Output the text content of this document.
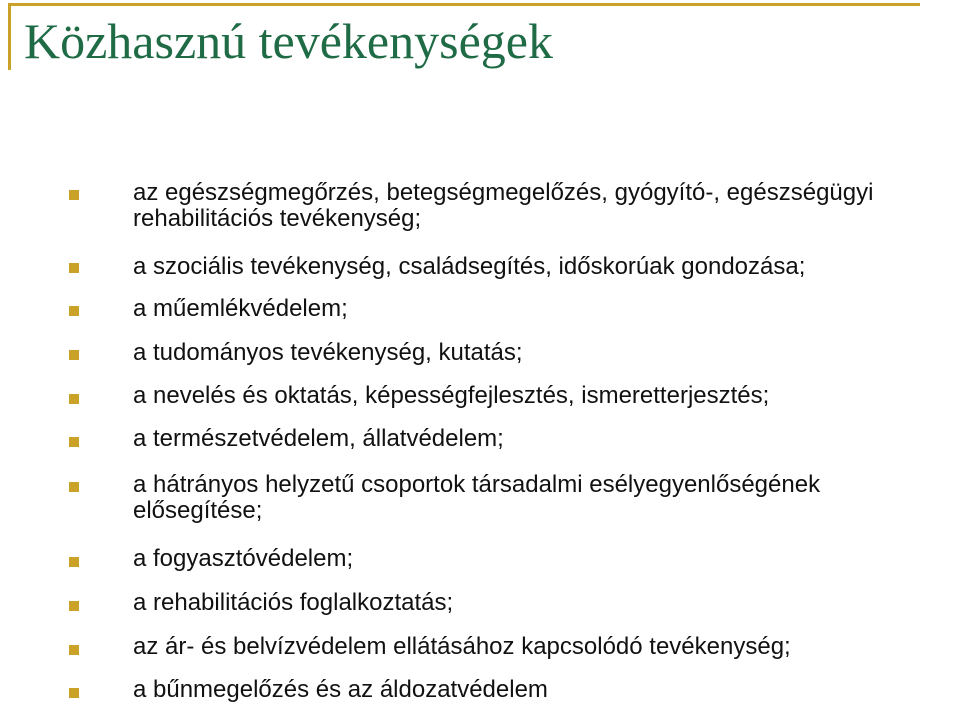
Közhasznú tevékenységek
az egészségmegőrzés, betegségmegelőzés, gyógyító-, egészségügyi rehabilitációs tevékenység;
a szociális tevékenység, családsegítés, időskorúak gondozása;
a műemlékvédelem;
a tudományos tevékenység, kutatás;
a nevelés és oktatás, képességfejlesztés, ismeretterjesztés;
a természetvédelem, állatvédelem;
a hátrányos helyzetű csoportok társadalmi esélyegyenlőségének elősegítése;
a fogyasztóvédelem;
a rehabilitációs foglalkoztatás;
az ár- és belvízvédelem ellátásához kapcsolódó tevékenység;
a bűnmegelőzés és az áldozatvédelem
